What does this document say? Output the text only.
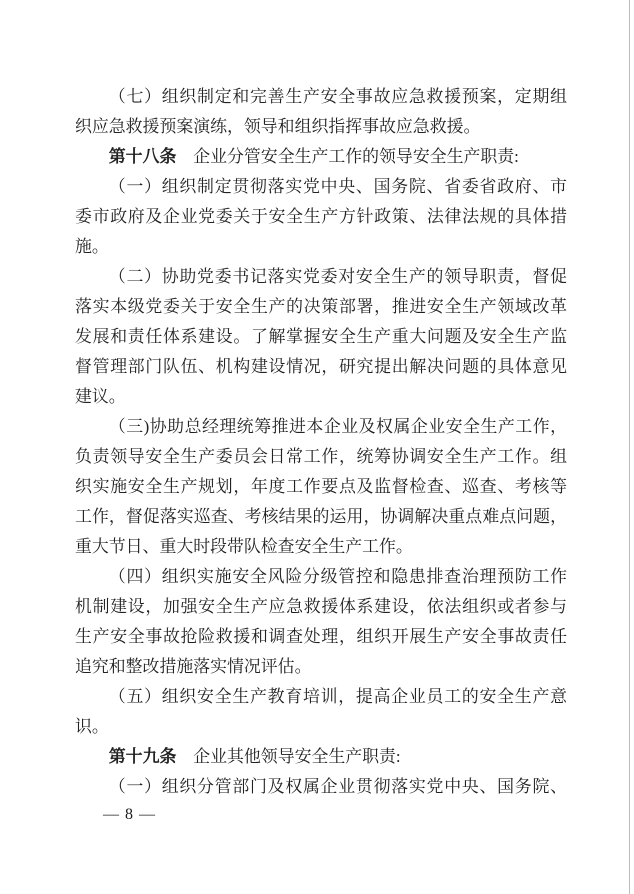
（七）组织制定和完善生产安全事故应急救援预案，定期组
织应急救援预案演练，领导和组织指挥事故应急救援。
第十八条　企业分管安全生产工作的领导安全生产职责:
（一）组织制定贯彻落实党中央、国务院、省委省政府、市
委市政府及企业党委关于安全生产方针政策、法律法规的具体措
施。
（二）协助党委书记落实党委对安全生产的领导职责，督促
落实本级党委关于安全生产的决策部署，推进安全生产领域改革
发展和责任体系建设。了解掌握安全生产重大问题及安全生产监
督管理部门队伍、机构建设情况，研究提出解决问题的具体意见
建议。
（三)协助总经理统筹推进本企业及权属企业安全生产工作，
负责领导安全生产委员会日常工作，统筹协调安全生产工作。组
织实施安全生产规划，年度工作要点及监督检查、巡查、考核等
工作，督促落实巡查、考核结果的运用，协调解决重点难点问题，
重大节日、重大时段带队检查安全生产工作。
（四）组织实施安全风险分级管控和隐患排查治理预防工作
机制建设，加强安全生产应急救援体系建设，依法组织或者参与
生产安全事故抢险救援和调查处理，组织开展生产安全事故责任
追究和整改措施落实情况评估。
（五）组织安全生产教育培训，提高企业员工的安全生产意
识。
第十九条　企业其他领导安全生产职责:
（一）组织分管部门及权属企业贯彻落实党中央、国务院、
— 8 —
